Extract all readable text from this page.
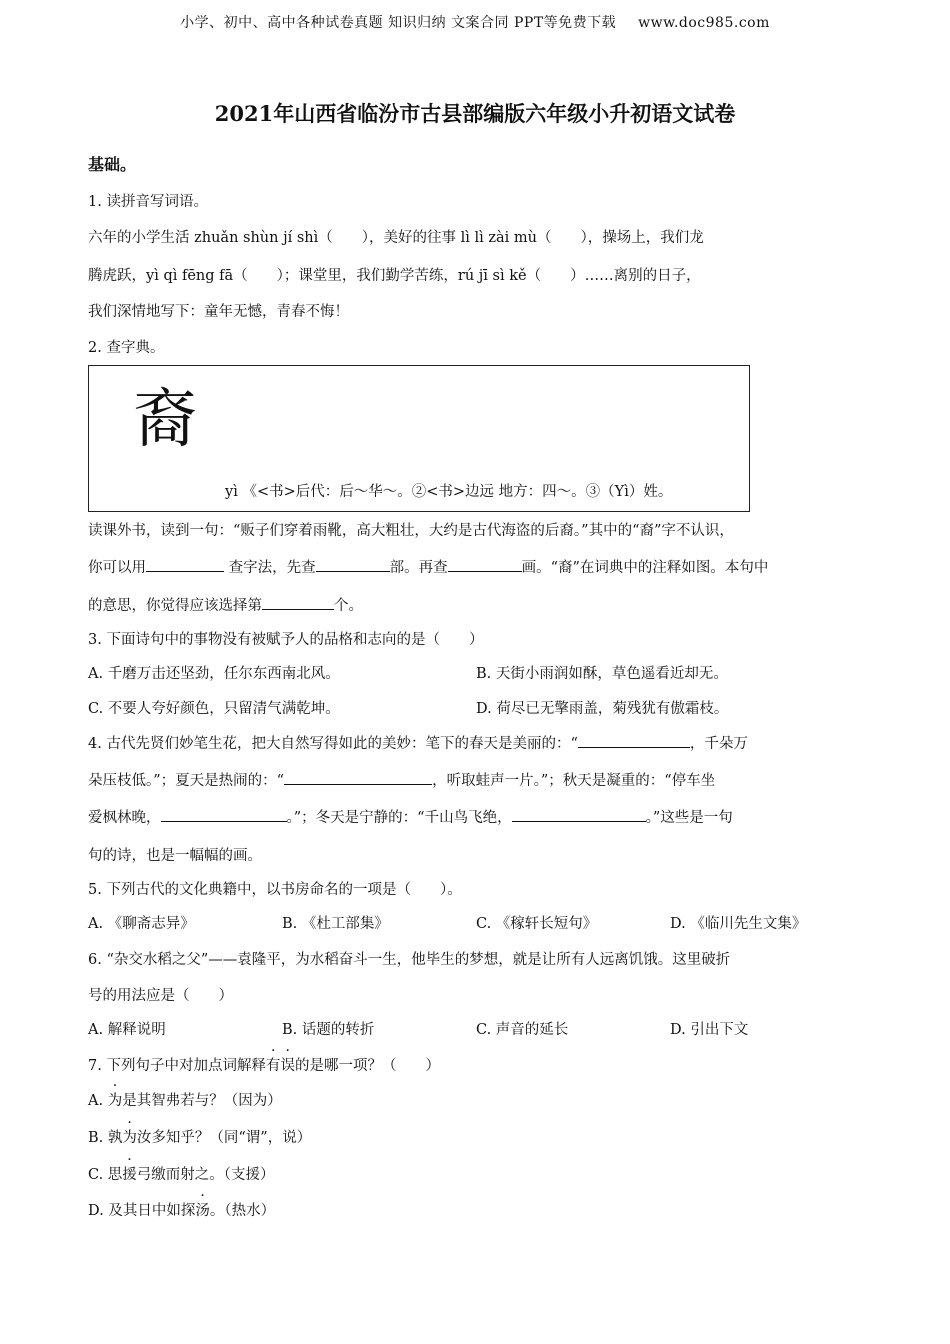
小学、初中、高中各种试卷真题 知识归纳 文案合同 PPT等免费下载 www.doc985.com
2021年山西省临汾市古县部编版六年级小升初语文试卷
基础。
1. 读拼音写词语。
六年的小学生活 zhuǎn shùn jí shì（　　），美好的往事 lì lì zài mù（　　），操场上，我们龙
腾虎跃，yì qì fēng fā（　　）；课堂里，我们勤学苦练，rú jī sì kě（　　）……离别的日子，
我们深情地写下：童年无憾，青春不悔！
2. 查字典。
裔
yì 《<书>后代：后～华～。②<书>边远 地方：四～。③（Yì）姓。
读课外书，读到一句：“贩子们穿着雨靴，高大粗壮，大约是古代海盗的后裔。”其中的“裔”字不认识，
你可以用	查字法，先查	部。再查	画。“裔”在词典中的注释如图。本句中
的意思，你觉得应该选择第	个。
3. 下面诗句中的事物没有被赋予人的品格和志向的是（　　）
A. 千磨万击还坚劲，任尔东西南北风。	B. 天街小雨润如酥，草色遥看近却无。
C. 不要人夸好颜色，只留清气满乾坤。	D. 荷尽已无擎雨盖，菊残犹有傲霜枝。
4. 古代先贤们妙笔生花，把大自然写得如此的美妙：笔下的春天是美丽的：“	，千朵万
朵压枝低。”；夏天是热闹的：“	，听取蛙声一片。”；秋天是凝重的：“停车坐
爱枫林晚，	。”；冬天是宁静的：“千山鸟飞绝，	。”这些是一句
句的诗，也是一幅幅的画。
5. 下列古代的文化典籍中，以书房命名的一项是（　　）。
A. 《聊斋志异》	B. 《杜工部集》	C. 《稼轩长短句》	D. 《临川先生文集》
6. “杂交水稻之父”——袁隆平，为水稻奋斗一生，他毕生的梦想，就是让所有人远离饥饿。这里破折
号的用法应是（　　）
A. 解释说明	B. 话题的转折	C. 声音的延长	D. 引出下文
7. 下列句子中对加点词解释有误的是哪一项？（　　）
A. 为是其智弗若与？（因为）
B. 孰为汝多知乎？（同“谓”，说）
C. 思援弓缴而射之。（支援）
D. 及其日中如探汤。（热水）
